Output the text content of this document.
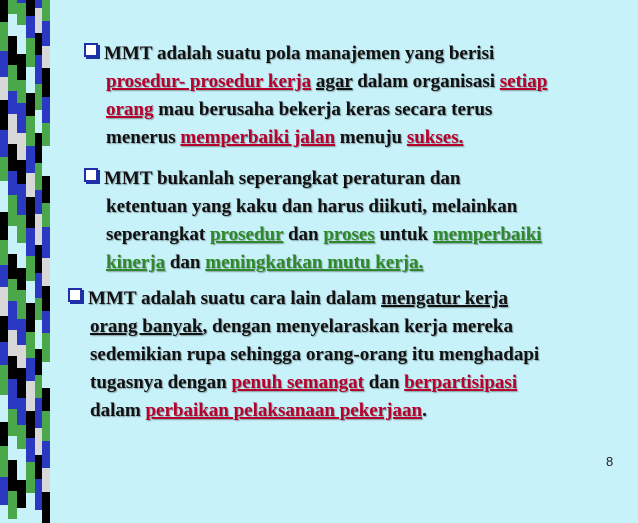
MMT adalah suatu pola manajemen yang berisi
prosedur- prosedur kerja agar dalam organisasi setiap
orang mau berusaha bekerja keras secara terus
menerus memperbaiki jalan menuju sukses.
MMT bukanlah seperangkat peraturan dan
ketentuan yang kaku dan harus diikuti, melainkan
seperangkat prosedur dan proses untuk memperbaiki
kinerja dan meningkatkan mutu kerja.
MMT adalah suatu cara lain dalam mengatur kerja
orang banyak, dengan menyelaraskan kerja mereka
sedemikian rupa sehingga orang-orang itu menghadapi
tugasnya dengan penuh semangat dan berpartisipasi
dalam perbaikan pelaksanaan pekerjaan.
8
